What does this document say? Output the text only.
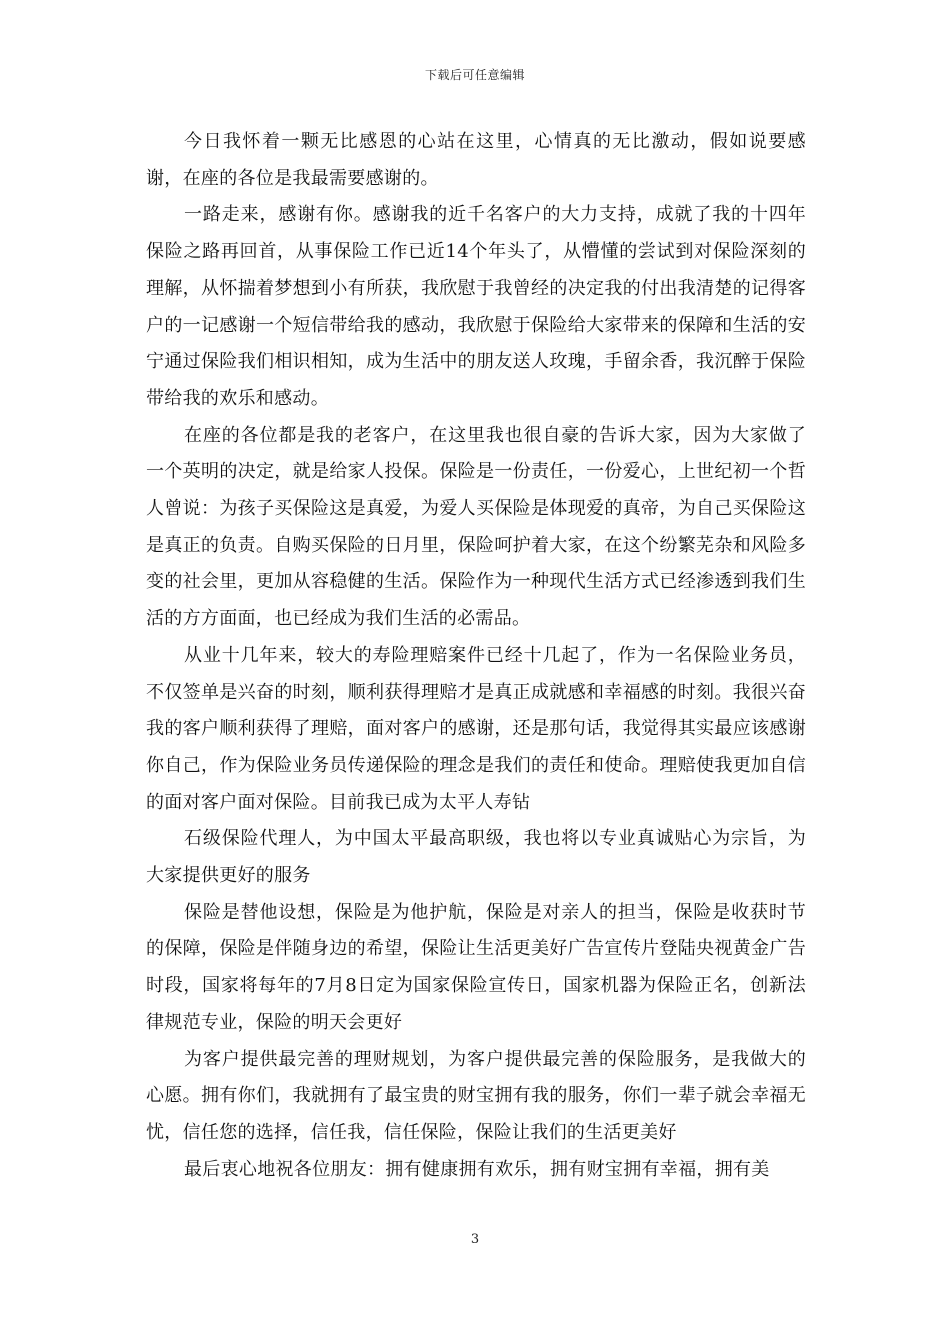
下载后可任意编辑

今日我怀着一颗无比感恩的心站在这里，心情真的无比激动，假如说要感谢，在座的各位是我最需要感谢的。

一路走来，感谢有你。感谢我的近千名客户的大力支持，成就了我的十四年保险之路再回首，从事保险工作已近14个年头了，从懵懂的尝试到对保险深刻的理解，从怀揣着梦想到小有所获，我欣慰于我曾经的决定我的付出我清楚的记得客户的一记感谢一个短信带给我的感动，我欣慰于保险给大家带来的保障和生活的安宁通过保险我们相识相知，成为生活中的朋友送人玫瑰，手留余香，我沉醉于保险带给我的欢乐和感动。

在座的各位都是我的老客户，在这里我也很自豪的告诉大家，因为大家做了一个英明的决定，就是给家人投保。保险是一份责任，一份爱心，上世纪初一个哲人曾说：为孩子买保险这是真爱，为爱人买保险是体现爱的真帝，为自己买保险这是真正的负责。自购买保险的日月里，保险呵护着大家，在这个纷繁芜杂和风险多变的社会里，更加从容稳健的生活。保险作为一种现代生活方式已经渗透到我们生活的方方面面，也已经成为我们生活的必需品。

从业十几年来，较大的寿险理赔案件已经十几起了，作为一名保险业务员，不仅签单是兴奋的时刻，顺利获得理赔才是真正成就感和幸福感的时刻。我很兴奋我的客户顺利获得了理赔，面对客户的感谢，还是那句话，我觉得其实最应该感谢你自己，作为保险业务员传递保险的理念是我们的责任和使命。理赔使我更加自信的面对客户面对保险。目前我已成为太平人寿钻

石级保险代理人，为中国太平最高职级，我也将以专业真诚贴心为宗旨，为大家提供更好的服务

保险是替他设想，保险是为他护航，保险是对亲人的担当，保险是收获时节的保障，保险是伴随身边的希望，保险让生活更美好广告宣传片登陆央视黄金广告时段，国家将每年的7月8日定为国家保险宣传日，国家机器为保险正名，创新法律规范专业，保险的明天会更好

为客户提供最完善的理财规划，为客户提供最完善的保险服务，是我做大的心愿。拥有你们，我就拥有了最宝贵的财宝拥有我的服务，你们一辈子就会幸福无忧，信任您的选择，信任我，信任保险，保险让我们的生活更美好

最后衷心地祝各位朋友：拥有健康拥有欢乐，拥有财宝拥有幸福，拥有美

3
